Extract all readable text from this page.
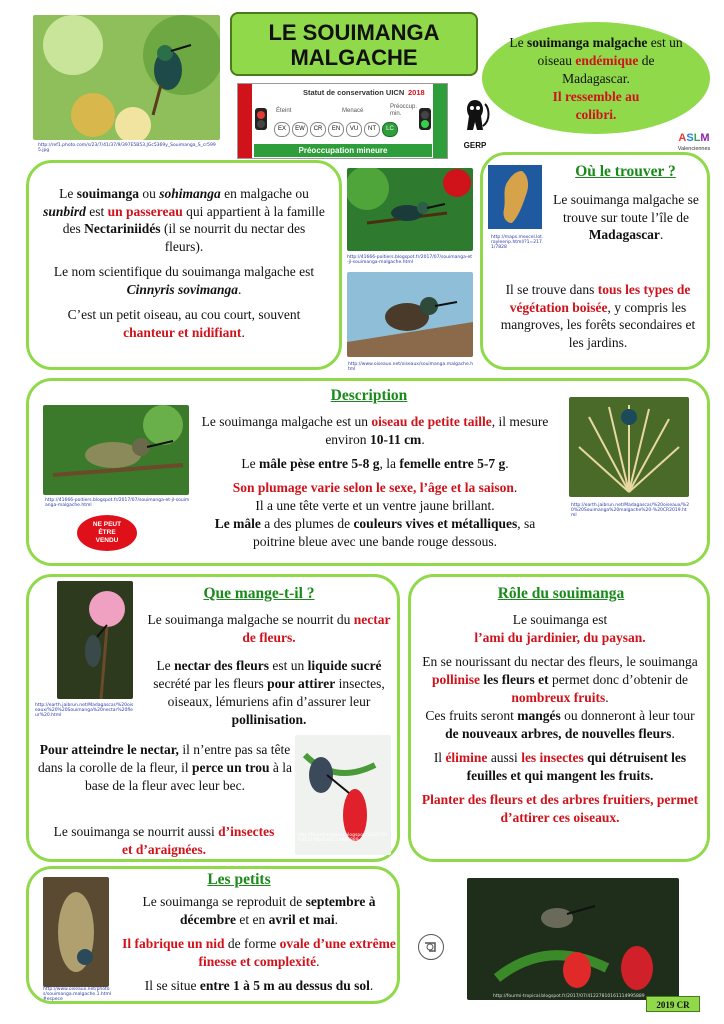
http://ref1.photo.com/s/23/7/41/37/9/397E5B53.JGc5369y_Souimanga_S_cr5995.jpg
LE SOUIMANGA
MALGACHE
Statut de conservation UICN 2018
Éteint	Menacé
Préoccup. min.
EX	EW	CR	EN	VU	NT	LC
Préoccupation mineure
GERP
Le souimanga malgache est un oiseau endémique de Madagascar.
Il ressemble au colibri.
ASLM
Valenciennes

Le souimanga ou sohimanga en malgache ou sunbird est un passereau qui appartient à la famille des Nectariniidés (il se nourrit du nectar des fleurs).

Le nom scientifique du souimanga malgache est Cinnyris sovimanga.

C’est un petit oiseau, au cou court, souvent chanteur et nidifiant.

http://41666-poitiers.blogspot.fr/2017/07/souimanga-et-jl-souimanga-malgache.html
http://www.oiseaux.net/oiseaux/souimanga.malgache.html
http://maps.mexcel.lot.rayleerip.html/?1=217.1/7828
Où le trouver ?
Le souimanga malgache se trouve sur toute l’île de Madagascar.
Il se trouve dans tous les types de végétation boisée, y compris les mangroves, les forêts secondaires et les jardins.
Description

Le souimanga malgache est un oiseau de petite taille, il mesure environ 10-11 cm.

Le mâle pèse entre 5-8 g, la femelle entre 5-7 g.

Son plumage varie selon le sexe, l’âge et la saison.

Il a une tête verte et un ventre jaune brillant.

Le mâle a des plumes de couleurs vives et métalliques, sa poitrine bleue avec une bande rouge dessous.

http://41666-poitiers.blogspot.fr/2017/07/souimanga-et-jl-souimanga-malgache.html
NE PEUT ÊTRE VENDU
http://earth.jaibrun.net/Madagascar/%20oiseaux/%20%20Souimanga%20malgache%20-%20CR2019.html
http://earth.jaibrun.net/Madagascar/%20oiseaux/%20%20Souimanga%20nectar%20fleur%20.html
Que mange-t-il ?
Le souimanga malgache se nourrit du nectar de fleurs.
Le nectar des fleurs est un liquide sucré secrété par les fleurs pour attirer insectes, oiseaux, lémuriens afin d’assurer leur pollinisation.
Pour atteindre le nectar, il n’entre pas sa tête dans la corolle de la fleur, il perce un trou à la base de la fleur avec leur bec.
Le souimanga se nourrit aussi d’insectes et d’araignées.
http://fourmi-tropical.blogspot.fr/2017/07/41227810161114995889
Rôle du souimanga

Le souimanga est

l’ami du jardinier, du paysan.

En se nourissant du nectar des fleurs, le souimanga pollinise les fleurs et permet donc d’obtenir de nombreux fruits.

Ces fruits seront mangés ou donneront à leur tour de nouveaux arbres, de nouvelles fleurs.

Il élimine aussi les insectes qui détruisent les feuilles et qui mangent les fruits.

Planter des fleurs et des arbres fruitiers, permet d’attirer ces oiseaux.

http://www.oiseaux.net/photos/souimanga.malgache.1.html#espece
Les petits

Le souimanga se reproduit de septembre à décembre et en avril et mai.

Il fabrique un nid de forme ovale d’une extrême finesse et complexité.

Il se situe entre 1 à 5 m au dessus du sol.

http://fourmi-tropical.blogspot.fr/2017/07/41227810161114995889
2019 CR
